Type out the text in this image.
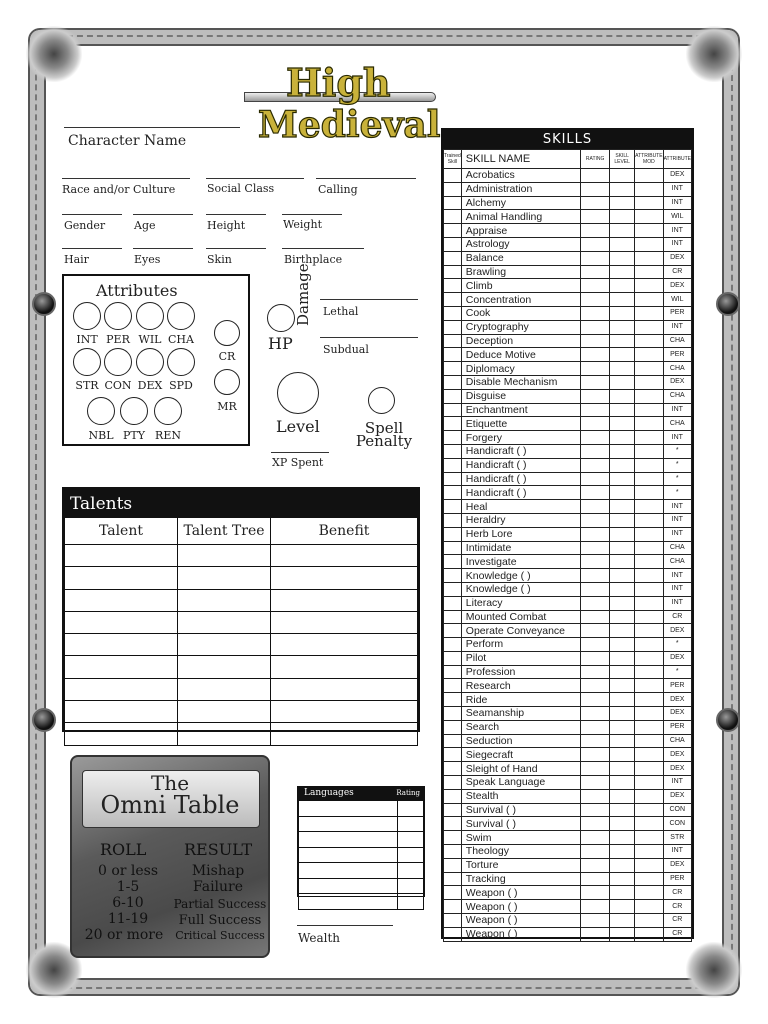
High
Medieval
Character Name
Race and/or Culture	Social Class	Calling
Gender	Age	Height	Weight
Hair	Eyes	Skin	Birthplace
Attributes
INT PER WIL CHA
STR CON DEX SPD
NBL PTY REN
CR
MR
HP
Damage Lethal
Subdual
Level	Spell Penalty
XP Spent
Talents
Talent	Talent Tree	Benefit

The
Omni Table
ROLL RESULT
0 or less	Mishap
1-5	Failure
6-10	Partial Success
11-19	Full Success
20 or more	Critical Success
Languages	Rating

Wealth
SKILLS
Trained Skill	SKILL NAME	RATING	SKILL LEVEL	ATTRIBUTE MOD	ATTRIBUTE
	Acrobatics				DEX
	Administration				INT
	Alchemy				INT
	Animal Handling				WIL
	Appraise				INT
	Astrology				INT
	Balance				DEX
	Brawling				CR
	Climb				DEX
	Concentration				WIL
	Cook				PER
	Cryptography				INT
	Deception				CHA
	Deduce Motive				PER
	Diplomacy				CHA
	Disable Mechanism				DEX
	Disguise				CHA
	Enchantment				INT
	Etiquette				CHA
	Forgery				INT
	Handicraft ( )				*
	Handicraft ( )				*
	Handicraft ( )				*
	Handicraft ( )				*
	Heal				INT
	Heraldry				INT
	Herb Lore				INT
	Intimidate				CHA
	Investigate				CHA
	Knowledge ( )				INT
	Knowledge ( )				INT
	Literacy				INT
	Mounted Combat				CR
	Operate Conveyance				DEX
	Perform				*
	Pilot				DEX
	Profession				*
	Research				PER
	Ride				DEX
	Seamanship				DEX
	Search				PER
	Seduction				CHA
	Siegecraft				DEX
	Sleight of Hand				DEX
	Speak Language				INT
	Stealth				DEX
	Survival ( )				CON
	Survival ( )				CON
	Swim				STR
	Theology				INT
	Torture				DEX
	Tracking				PER
	Weapon ( )				CR
	Weapon ( )				CR
	Weapon ( )				CR
	Weapon ( )				CR
